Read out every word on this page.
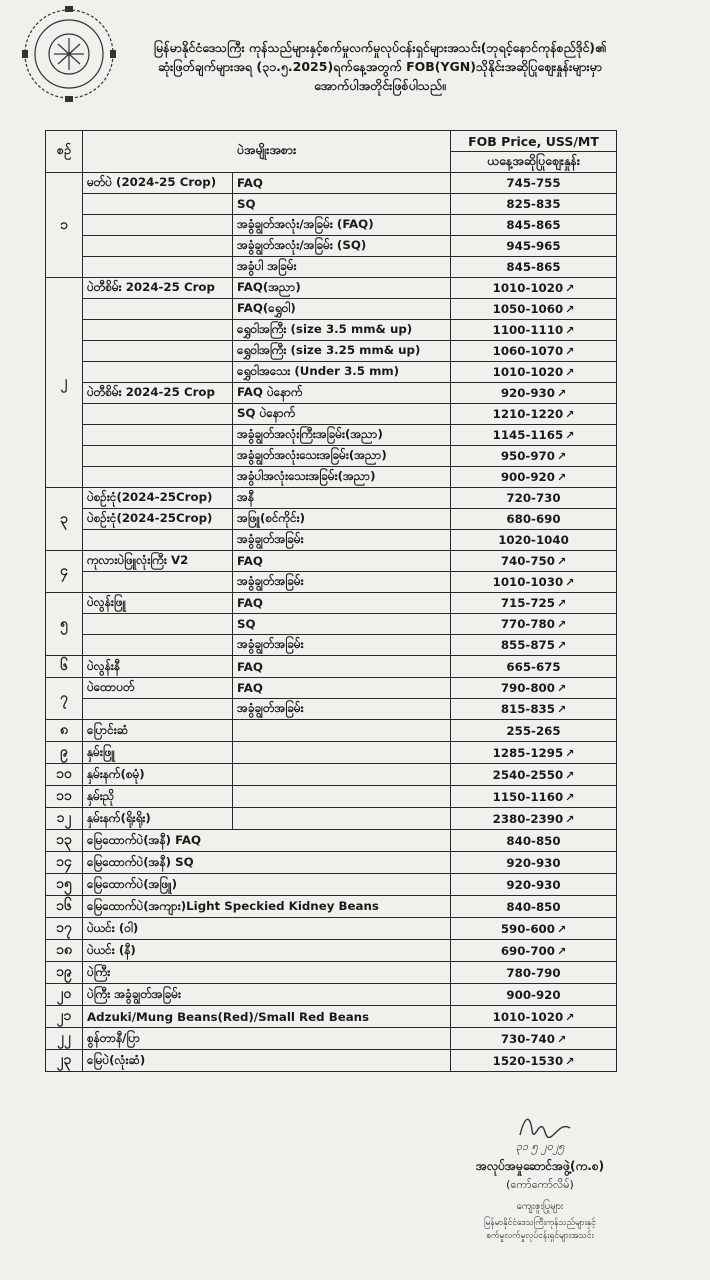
မြန်မာနိုင်ငံဒေသကြီး ကုန်သည်များနှင့်စက်မှုလက်မှုလုပ်ငန်းရှင်များအသင်း(ဘုရင့်နောင်ကုန်စည်ဒိုင်)၏
ဆုံးဖြတ်ချက်များအရ (၃၁.၅.2025)ရက်နေ့အတွက် FOB(YGN)သိုနိုင်းအဆိုပြုဈေးနှုန်းများမှာ
အောက်ပါအတိုင်းဖြစ်ပါသည်။
စဉ်	ပဲအမျိုးအစား		FOB Price, USS/MT
			ယနေ့အဆိုပြုဈေးနှုန်း
၁	မတ်ပဲ (2024-25 Crop)	FAQ	745-755
		SQ	825-835
		အခွံချွတ်အလုံး/အခြမ်း (FAQ)	845-865
		အခွံချွတ်အလုံး/အခြမ်း (SQ)	945-965
		အခွံပါ အခြမ်း	845-865
၂	ပဲတီစိမ်း 2024-25 Crop	FAQ(အညာ)	1010-1020 ↗
		FAQ(ရွှေဝါ)	1050-1060 ↗
		ရွှေဝါအကြီး (size 3.5 mm& up)	1100-1110 ↗
		ရွှေဝါအကြီး (size 3.25 mm& up)	1060-1070 ↗
		ရွှေဝါအသေး (Under 3.5 mm)	1010-1020 ↗
	ပဲတီစိမ်း 2024-25 Crop	FAQ ပဲနောက်	920-930 ↗
		SQ ပဲနောက်	1210-1220 ↗
		အခွံချွတ်အလုံးကြီးအခြမ်း(အညာ)	1145-1165 ↗
		အခွံချွတ်အလုံးသေးအခြမ်း(အညာ)	950-970 ↗
		အခွံပါအလုံးသေးအခြမ်း(အညာ)	900-920 ↗
၃	ပဲစဉ်းငုံ(2024-25Crop)	အနီ	720-730
	ပဲစဉ်းငုံ(2024-25Crop)	အဖြူ(စင်ကိုင်း)	680-690
		အခွံချွတ်အခြမ်း	1020-1040
၄	ကုလားပဲဖြူလုံးကြီး V2	FAQ	740-750 ↗
		အခွံချွတ်အခြမ်း	1010-1030 ↗
၅	ပဲလွန်းဖြူ	FAQ	715-725 ↗
		SQ	770-780 ↗
		အခွံချွတ်အခြမ်း	855-875 ↗
၆	ပဲလွန်းနီ	FAQ	665-675
၇	ပဲထောပတ်	FAQ	790-800 ↗
		အခွံချွတ်အခြမ်း	815-835 ↗
၈	ပြောင်းဆံ		255-265
၉	နှမ်းဖြူ		1285-1295 ↗
၁၀	နှမ်းနက်(စမုံ)		2540-2550 ↗
၁၁	နှမ်းညို		1150-1160 ↗
၁၂	နှမ်းနက်(ရိုးရိုး)		2380-2390 ↗
၁၃	မြေထောက်ပဲ(အနီ) FAQ		840-850
၁၄	မြေထောက်ပဲ(အနီ) SQ		920-930
၁၅	မြေထောက်ပဲ(အဖြူ)		920-930
၁၆	မြေထောက်ပဲ(အကျား)Light Speckied Kidney Beans		840-850
၁၇	ပဲယင်း (ဝါ)		590-600 ↗
၁၈	ပဲယင်း (နီ)		690-700 ↗
၁၉	ပဲကြီး		780-790
၂၀	ပဲကြီး အခွံချွတ်အခြမ်း		900-920
၂၁	Adzuki/Mung Beans(Red)/Small Red Beans		1010-1020 ↗
၂၂	စွန်တာနီ/ပြာ		730-740 ↗
၂၃	မြေပဲ(လုံးဆံ)		1520-1530 ↗
၃၁ ၅ ၂၀၂၅
အလုပ်အမှုဆောင်အဖွဲ့(က.စ)
(ကော်ကော်လိမ်)
ကျေးဇူးပြုများ
မြန်မာနိုင်ငံဒေသကြီးကုန်သည်များနှင့်
စက်မှုလက်မှုလုပ်ငန်းရှင်များအသင်း
